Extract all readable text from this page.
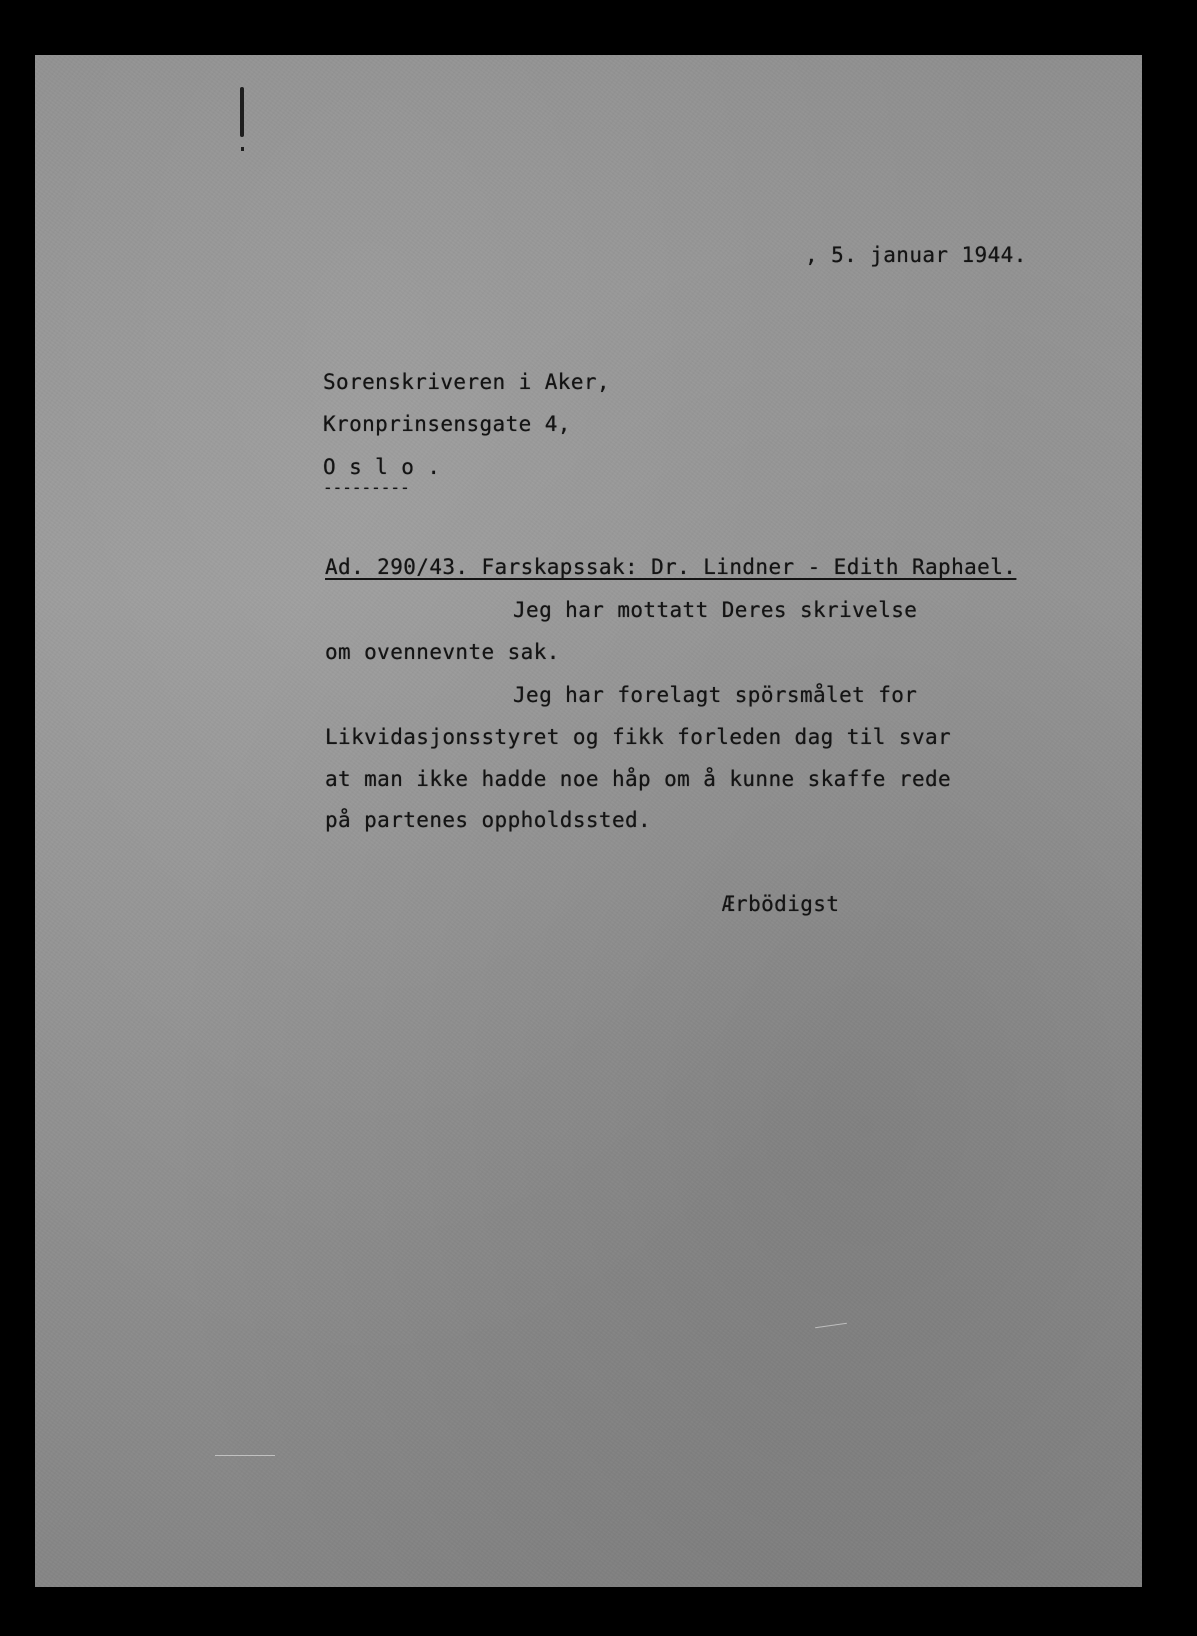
, 5. januar 1944.
Sorenskriveren i Aker,
Kronprinsensgate 4,
O s l o .
---------
Ad. 290/43. Farskapssak: Dr. Lindner - Edith Raphael.
Jeg har mottatt Deres skrivelse
om ovennevnte sak.
Jeg har forelagt spörsmålet for
Likvidasjonsstyret og fikk forleden dag til svar
at man ikke hadde noe håp om å kunne skaffe rede
på partenes oppholdssted.
Ærbödigst
